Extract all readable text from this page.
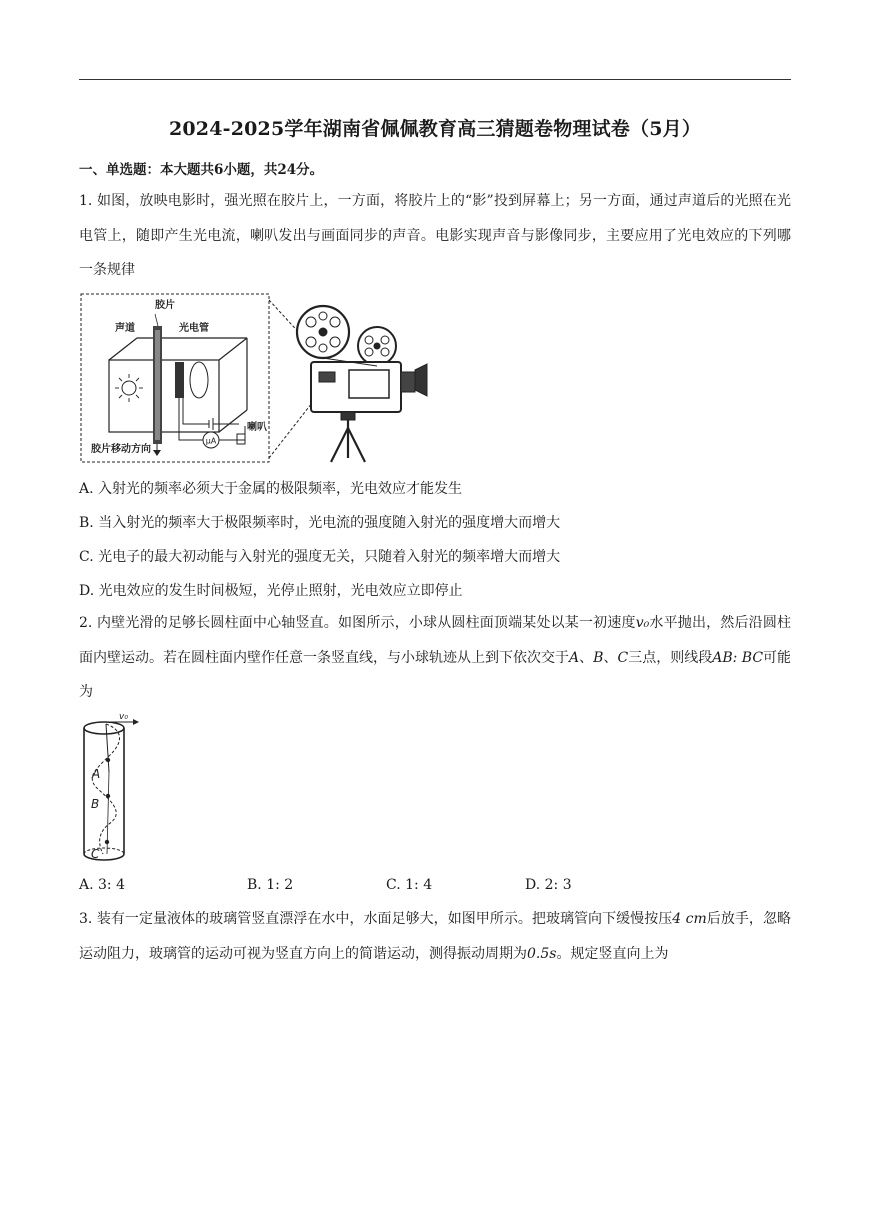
2024-2025学年湖南省佩佩教育高三猜题卷物理试卷（5月）
一、单选题：本大题共6小题，共24分。
1. 如图，放映电影时，强光照在胶片上，一方面，将胶片上的“影”投到屏幕上；另一方面，通过声道后的光照在光电管上，随即产生光电流，喇叭发出与画面同步的声音。电影实现声音与影像同步，主要应用了光电效应的下列哪一条规律
μA
胶片
声道	光电管
喇叭
胶片移动方向
A. 入射光的频率必须大于金属的极限频率，光电效应才能发生
B. 当入射光的频率大于极限频率时，光电流的强度随入射光的强度增大而增大
C. 光电子的最大初动能与入射光的强度无关，只随着入射光的频率增大而增大
D. 光电效应的发生时间极短，光停止照射，光电效应立即停止
2. 内壁光滑的足够长圆柱面中心轴竖直。如图所示，小球从圆柱面顶端某处以某一初速度v₀水平抛出，然后沿圆柱面内壁运动。若在圆柱面内壁作任意一条竖直线，与小球轨迹从上到下依次交于A、B、C三点，则线段AB: BC可能为
v₀
A
B
C
A. 3: 4	B. 1: 2	C. 1: 4	D. 2: 3
3. 装有一定量液体的玻璃管竖直漂浮在水中，水面足够大，如图甲所示。把玻璃管向下缓慢按压4 cm后放手，忽略运动阻力，玻璃管的运动可视为竖直方向上的简谐运动，测得振动周期为0.5s。规定竖直向上为
